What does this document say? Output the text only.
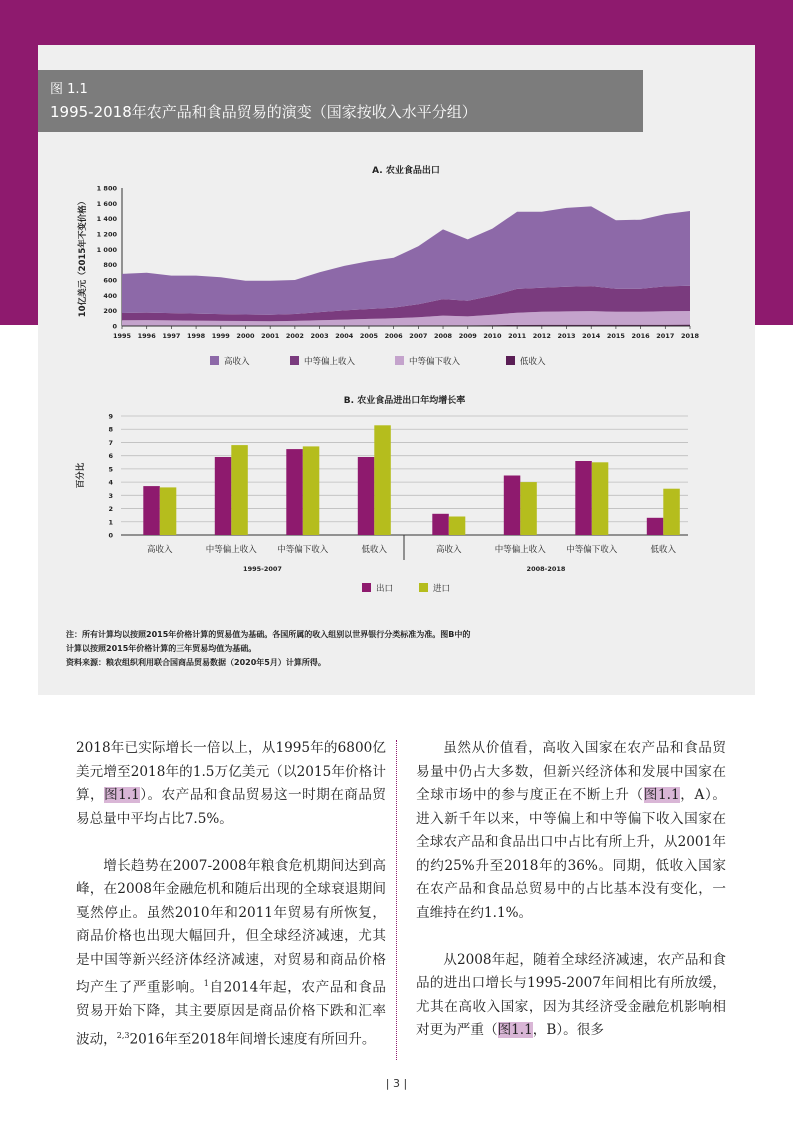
图 1.1
1995-2018年农产品和食品贸易的演变（国家按收入水平分组）
A. 农业食品出口
10亿美元（2015年不变价格）
0
200
400
600
800
1 000
1 200
1 400
1 600
1 800
1995 1996 1997 1998 1999 2000 2001 2002 2003 2004 2005 2006 2007 2008 2009 2010 2011 2012 2013 2014 2015 2016 2017 2018
高收入	中等偏上收入	中等偏下收入	低收入
B. 农业食品进出口年均增长率
百分比
0
1
2
3
4
5
6
7
8
9
高收入	中等偏上收入 中等偏下收入	低收入	高收入	中等偏上收入 中等偏下收入	低收入
1995-2007	2008-2018
出口	进口
注：所有计算均以按照2015年价格计算的贸易值为基础。各国所属的收入组别以世界银行分类标准为准。图B中的
计算以按照2015年价格计算的三年贸易均值为基础。
资料来源：粮农组织利用联合国商品贸易数据（2020年5月）计算所得。

2018年已实际增长一倍以上，从1995年的6800亿美元增至2018年的1.5万亿美元（以2015年价格计算，图1.1）。农产品和食品贸易这一时期在商品贸易总量中平均占比7.5%。

增长趋势在2007-2008年粮食危机期间达到高峰，在2008年金融危机和随后出现的全球衰退期间戛然停止。虽然2010年和2011年贸易有所恢复，商品价格也出现大幅回升，但全球经济减速，尤其是中国等新兴经济体经济减速，对贸易和商品价格均产生了严重影响。$^1$自2014年起，农产品和食品贸易开始下降，其主要原因是商品价格下跌和汇率波动，$^{2,3}$2016年至2018年间增长速度有所回升。

虽然从价值看，高收入国家在农产品和食品贸易量中仍占大多数，但新兴经济体和发展中国家在全球市场中的参与度正在不断上升（图1.1，A）。进入新千年以来，中等偏上和中等偏下收入国家在全球农产品和食品出口中占比有所上升，从2001年的约25%升至2018年的36%。同期，低收入国家在农产品和食品总贸易中的占比基本没有变化，一直维持在约1.1%。

从2008年起，随着全球经济减速，农产品和食品的进出口增长与1995-2007年间相比有所放缓，尤其在高收入国家，因为其经济受金融危机影响相对更为严重（图1.1，B）。很多

| 3 |
